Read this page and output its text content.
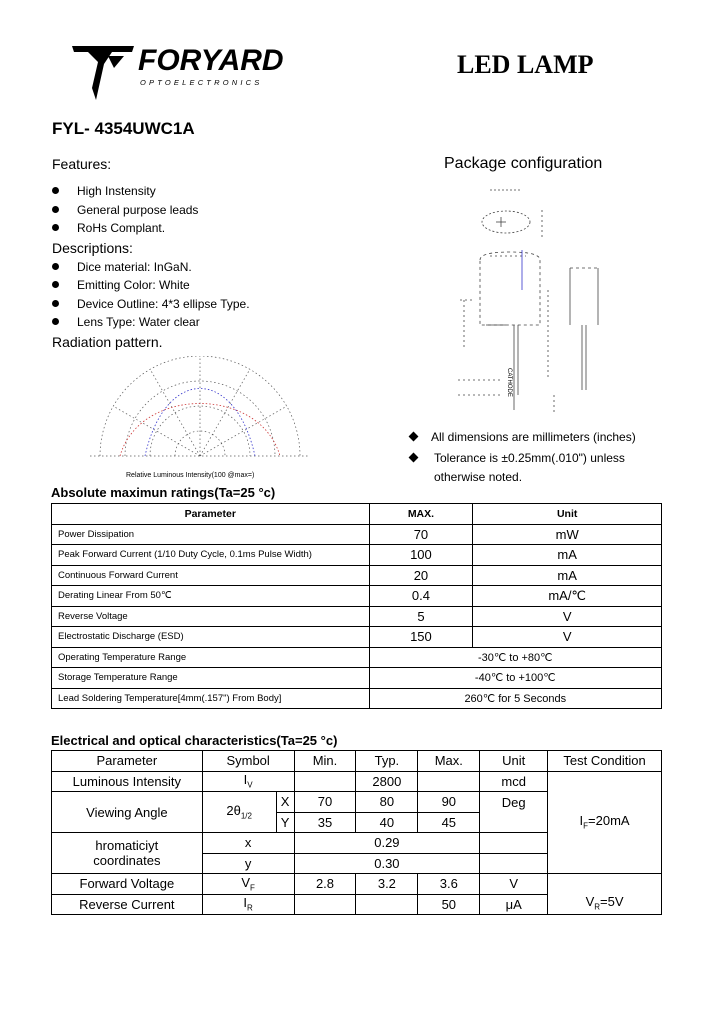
FORYARD
OPTOELECTRONICS
LED LAMP
FYL- 4354UWC1A
Features:
High Instensity
General purpose leads
RoHs Complant.
Descriptions:
Dice material: InGaN.
Emitting Color: White
Device Outline: 4*3 ellipse Type.
Lens Type: Water clear
Radiation pattern.
Relative Luminous Intensity(100 @max=)
Package configuration
CATHODE
All dimensions are millimeters (inches)
Tolerance is ±0.25mm(.010") unless otherwise noted.
Absolute maximun ratings(Ta=25 °c)
Parameter	MAX.	Unit
Power Dissipation	70	mW
Peak Forward Current (1/10 Duty Cycle, 0.1ms Pulse Width)	100	mA
Continuous Forward Current	20	mA
Derating Linear From 50℃	0.4	mA/℃
Reverse Voltage	5	V
Electrostatic Discharge (ESD)	150	V
Operating Temperature Range	-30℃ to +80℃	
Storage Temperature Range	-40℃ to +100℃	
Lead Soldering Temperature[4mm(.157") From Body]	260℃ for 5 Seconds	
Electrical and optical characteristics(Ta=25 °c)
Parameter	Symbol		Min.	Typ.	Max.	Unit	Test Condition
Luminous Intensity	$I_V$			2800		mcd	$I_F=20mA$
Viewing Angle	$2\theta_{1/2}$	X	70	80	90	Deg	
		Y	35	40	45		

hromaticiyt
coordinates	x		0.29				
	y		0.30				
Forward Voltage	$V_F$		2.8	3.2	3.6	V	$V_R=5V$
Reverse Current	$I_R$				50	μA	
